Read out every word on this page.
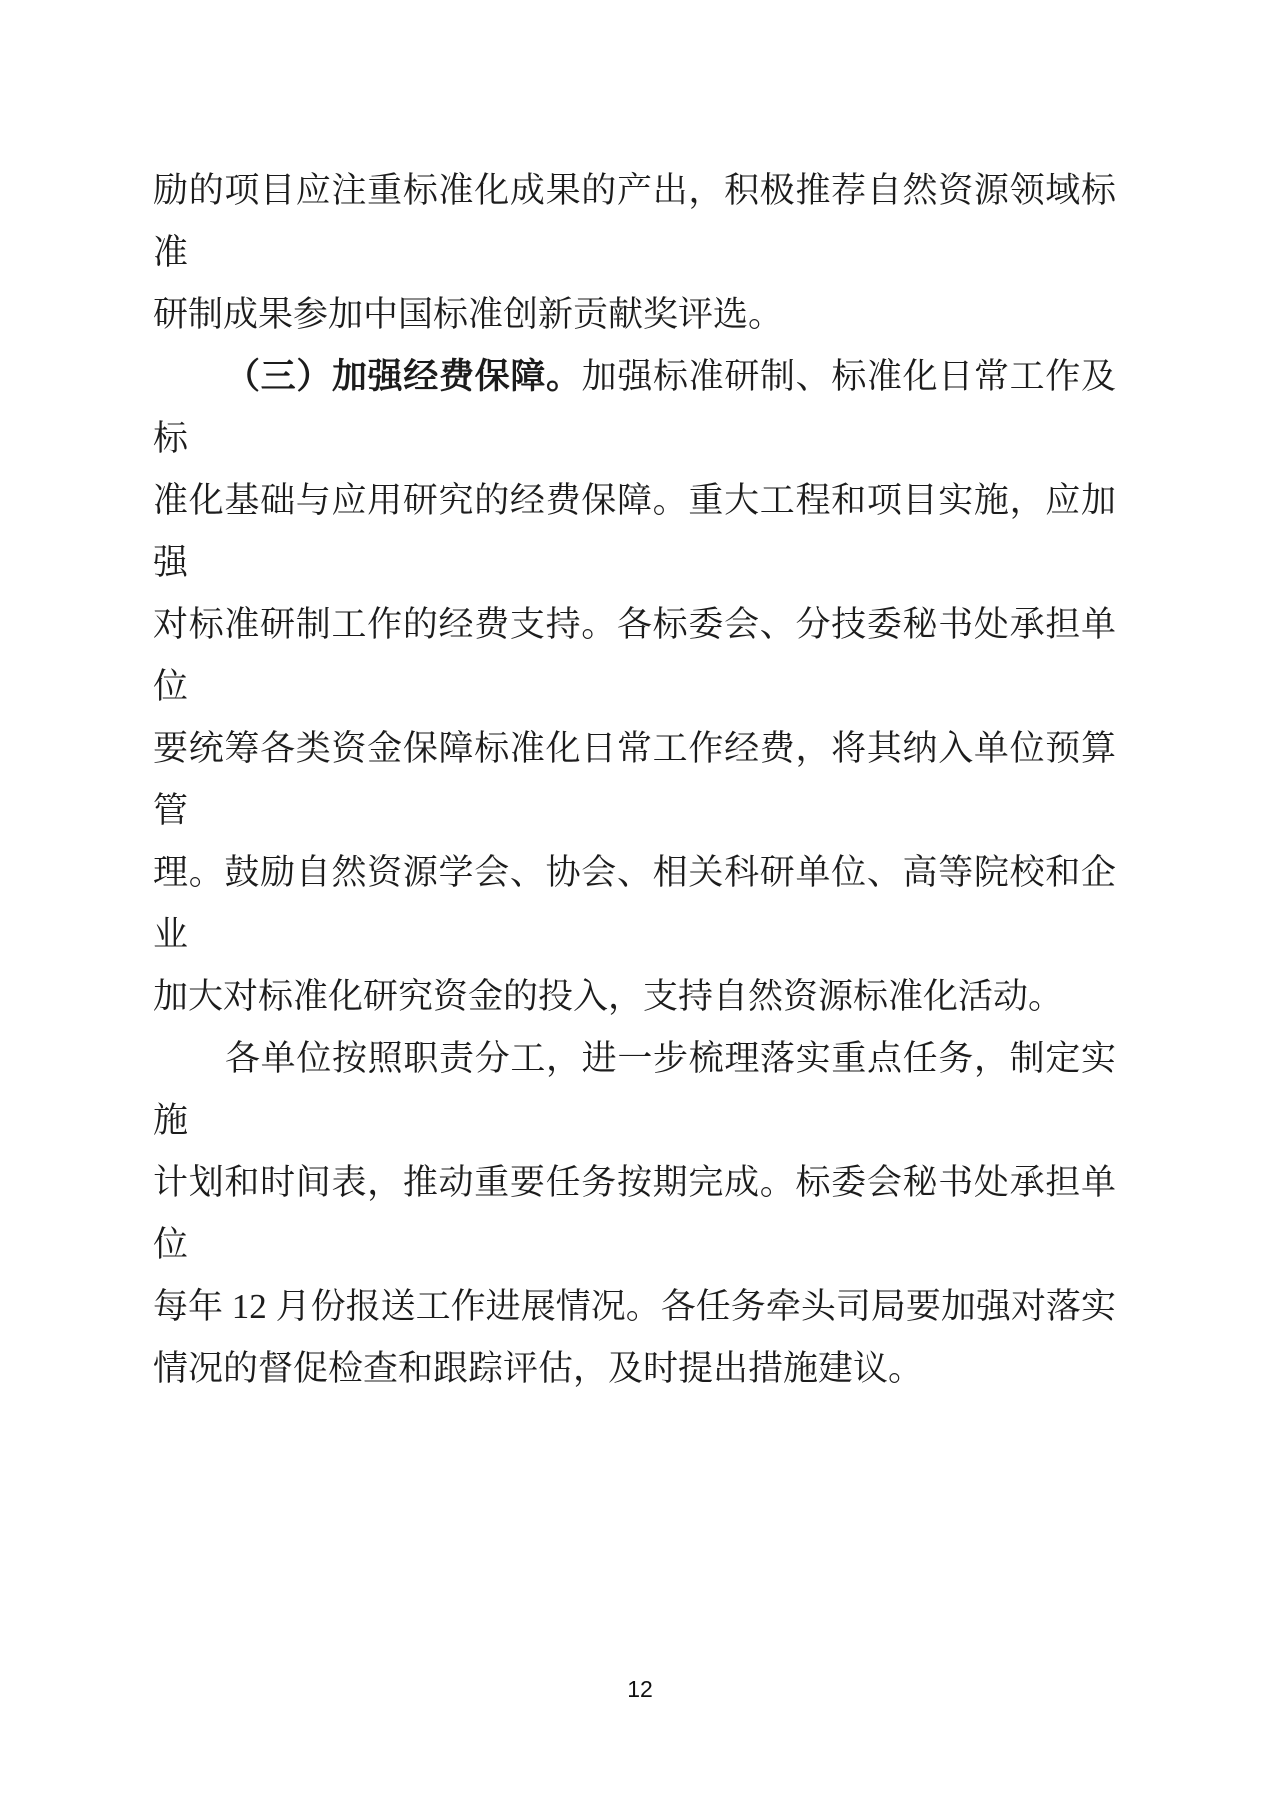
励的项目应注重标准化成果的产出，积极推荐自然资源领域标准
研制成果参加中国标准创新贡献奖评选。
（三）加强经费保障。加强标准研制、标准化日常工作及标
准化基础与应用研究的经费保障。重大工程和项目实施，应加强
对标准研制工作的经费支持。各标委会、分技委秘书处承担单位
要统筹各类资金保障标准化日常工作经费，将其纳入单位预算管
理。鼓励自然资源学会、协会、相关科研单位、高等院校和企业
加大对标准化研究资金的投入，支持自然资源标准化活动。
各单位按照职责分工，进一步梳理落实重点任务，制定实施
计划和时间表，推动重要任务按期完成。标委会秘书处承担单位
每年 12 月份报送工作进展情况。各任务牵头司局要加强对落实
情况的督促检查和跟踪评估，及时提出措施建议。
12
